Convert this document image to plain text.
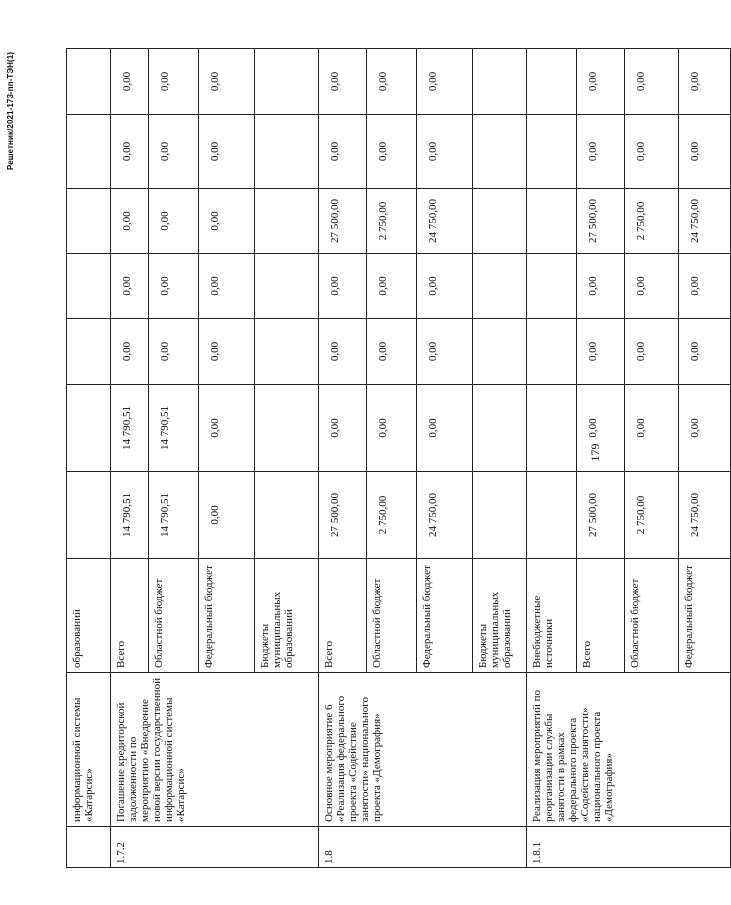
179
Решетник/2021-173-пп-ТЭН(1)
	информационной системы «Катарсис»	образований							
1.7.2	Погашение кредиторской задолженности по мероприятию «Внедрение новой версии государственной информационной системы «Катарсис»	Всего	14 790,51	14 790,51	0,00	0,00	0,00	0,00	0,00
		Областной бюджет	14 790,51	14 790,51	0,00	0,00	0,00	0,00	0,00
		Федеральный бюджет	0,00	0,00	0,00	0,00	0,00	0,00	0,00
		Бюджеты муниципальных образований							
1.8	Основное мероприятие 6 «Реализация федерального проекта «Содействие занятости» национального проекта «Демография»	Всего	27 500,00	0,00	0,00	0,00	27 500,00	0,00	0,00
		Областной бюджет	2 750,00	0,00	0,00	0,00	2 750,00	0,00	0,00
		Федеральный бюджет	24 750,00	0,00	0,00	0,00	24 750,00	0,00	0,00
		Бюджеты муниципальных образований							
1.8.1	Реализация мероприятий по реорганизации службы занятости в рамках федерального проекта «Содействие занятости» национального проекта «Демография»	Внебюджетные источники							
		Всего	27 500,00	0,00	0,00	0,00	27 500,00	0,00	0,00
		Областной бюджет	2 750,00	0,00	0,00	0,00	2 750,00	0,00	0,00
		Федеральный бюджет	24 750,00	0,00	0,00	0,00	24 750,00	0,00	0,00
